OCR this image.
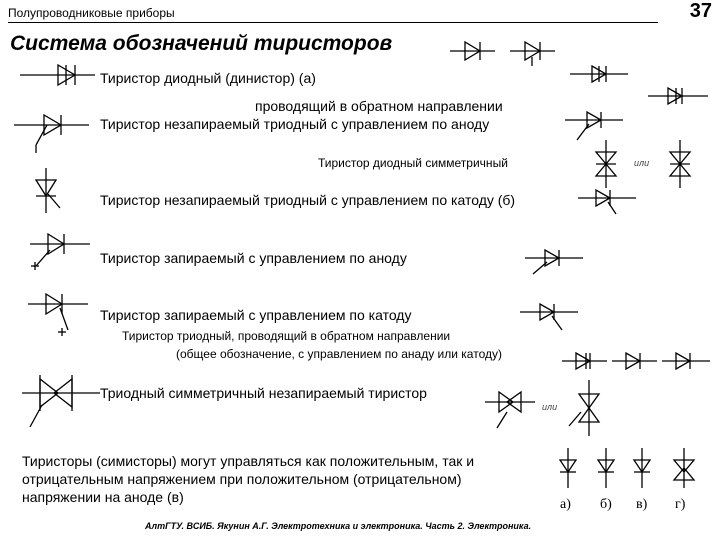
Полупроводниковые приборы	37
Система обозначений тиристоров
Тиристор диодный (динистор) (а)
проводящий в обратном направлении
Тиристор незапираемый триодный с управлением по аноду
Тиристор диодный симметричный
Тиристор незапираемый триодный с управлением по катоду (б)
Тиристор запираемый с управлением по аноду
Тиристор запираемый с управлением по катоду
Тиристор триодный, проводящий в обратном направлении
(общее обозначение, с управлением по анаду или катоду)
Триодный симметричный незапираемый тиристор
Тиристоры (симисторы) могут управляться как положительным, так и отрицательным напряжением при положительном (отрицательном) напряжении на аноде (в)
АлтГТУ. ВСИБ. Якунин А.Г. Электротехника и электроника. Часть 2. Электроника.
а) б) в) г)
или
или
